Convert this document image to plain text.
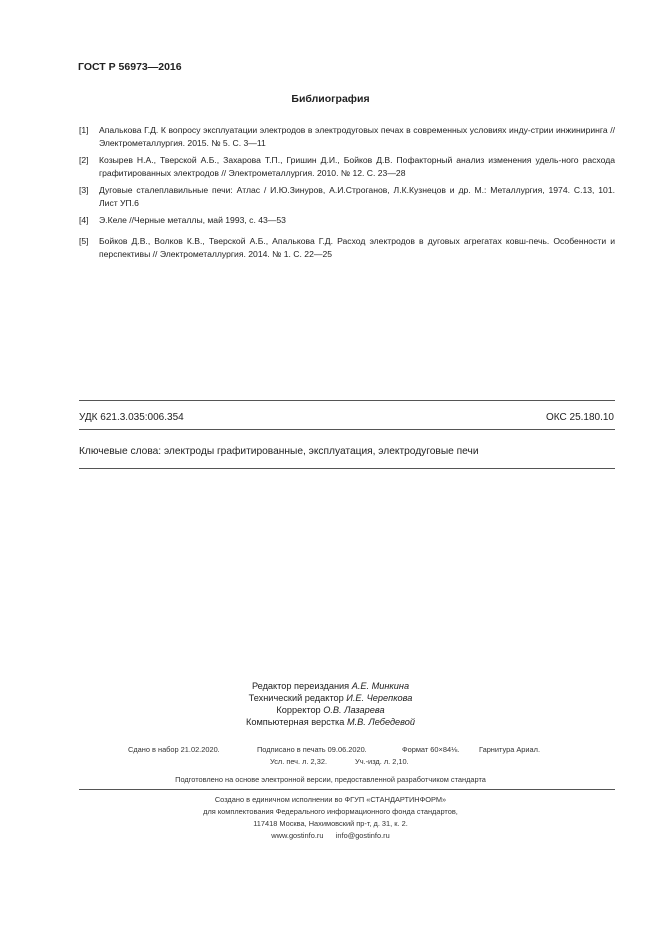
ГОСТ Р 56973—2016
Библиография
[1] Апалькова Г.Д. К вопросу эксплуатации электродов в электродуговых печах в современных условиях инду-стрии инжиниринга // Электрометаллургия. 2015. № 5. С. 3—11
[2] Козырев Н.А., Тверской А.Б., Захарова Т.П., Гришин Д.И., Бойков Д.В. Пофакторный анализ изменения удель-ного расхода графитированных электродов // Электрометаллургия. 2010. № 12. С. 23—28
[3] Дуговые сталеплавильные печи: Атлас / И.Ю.Зинуров, А.И.Строганов, Л.К.Кузнецов и др. М.: Металлургия, 1974. С.13, 101. Лист УП.6
[4] Э.Келе //Черные металлы, май 1993, с. 43—53
[5] Бойков Д.В., Волков К.В., Тверской А.Б., Апалькова Г.Д. Расход электродов в дуговых агрегатах ковш-печь. Особенности и перспективы // Электрометаллургия. 2014. № 1. С. 22—25
УДК 621.3.035:006.354	ОКС 25.180.10
Ключевые слова: электроды графитированные, эксплуатация, электродуговые печи
Редактор переиздания А.Е. Минкина
Технический редактор И.Е. Черепкова
Корректор О.В. Лазарева
Компьютерная верстка М.В. Лебедевой
Сдано в набор 21.02.2020.	Подписано в печать 09.06.2020.	Формат 60×84⅛.	Гарнитура Ариал.
Усл. печ. л. 2,32.	Уч.-изд. л. 2,10.
Подготовлено на основе электронной версии, предоставленной разработчиком стандарта
Создано в единичном исполнении во ФГУП «СТАНДАРТИНФОРМ»
для комплектования Федерального информационного фонда стандартов,
117418 Москва, Нахимовский пр-т, д. 31, к. 2.
www.gostinfo.ru info@gostinfo.ru
